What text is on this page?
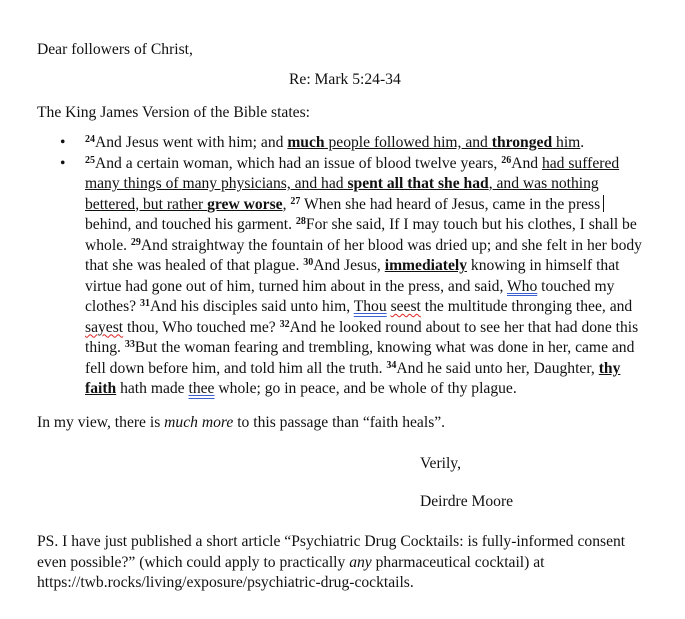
Dear followers of Christ,
Re: Mark 5:24-34
The King James Version of the Bible states:
• $^{24}$And Jesus went with him; and much people followed him, and thronged him.
• $^{25}$And a certain woman, which had an issue of blood twelve years, $^{26}$And had suffered
many things of many physicians, and had spent all that she had, and was nothing
bettered, but rather grew worse, $^{27}$ When she had heard of Jesus, came in the press
behind, and touched his garment. $^{28}$For she said, If I may touch but his clothes, I shall be
whole. $^{29}$And straightway the fountain of her blood was dried up; and she felt in her body
that she was healed of that plague. $^{30}$And Jesus, immediately knowing in himself that
virtue had gone out of him, turned him about in the press, and said, Who touched my
clothes? $^{31}$And his disciples said unto him, Thou seest the multitude thronging thee, and
sayest thou, Who touched me? $^{32}$And he looked round about to see her that had done this
thing. $^{33}$But the woman fearing and trembling, knowing what was done in her, came and
fell down before him, and told him all the truth. $^{34}$And he said unto her, Daughter, thy
faith hath made thee whole; go in peace, and be whole of thy plague.
In my view, there is much more to this passage than “faith heals”.
Verily,
Deirdre Moore
PS. I have just published a short article “Psychiatric Drug Cocktails: is fully-informed consent
even possible?” (which could apply to practically any pharmaceutical cocktail) at
https://twb.rocks/living/exposure/psychiatric-drug-cocktails.
